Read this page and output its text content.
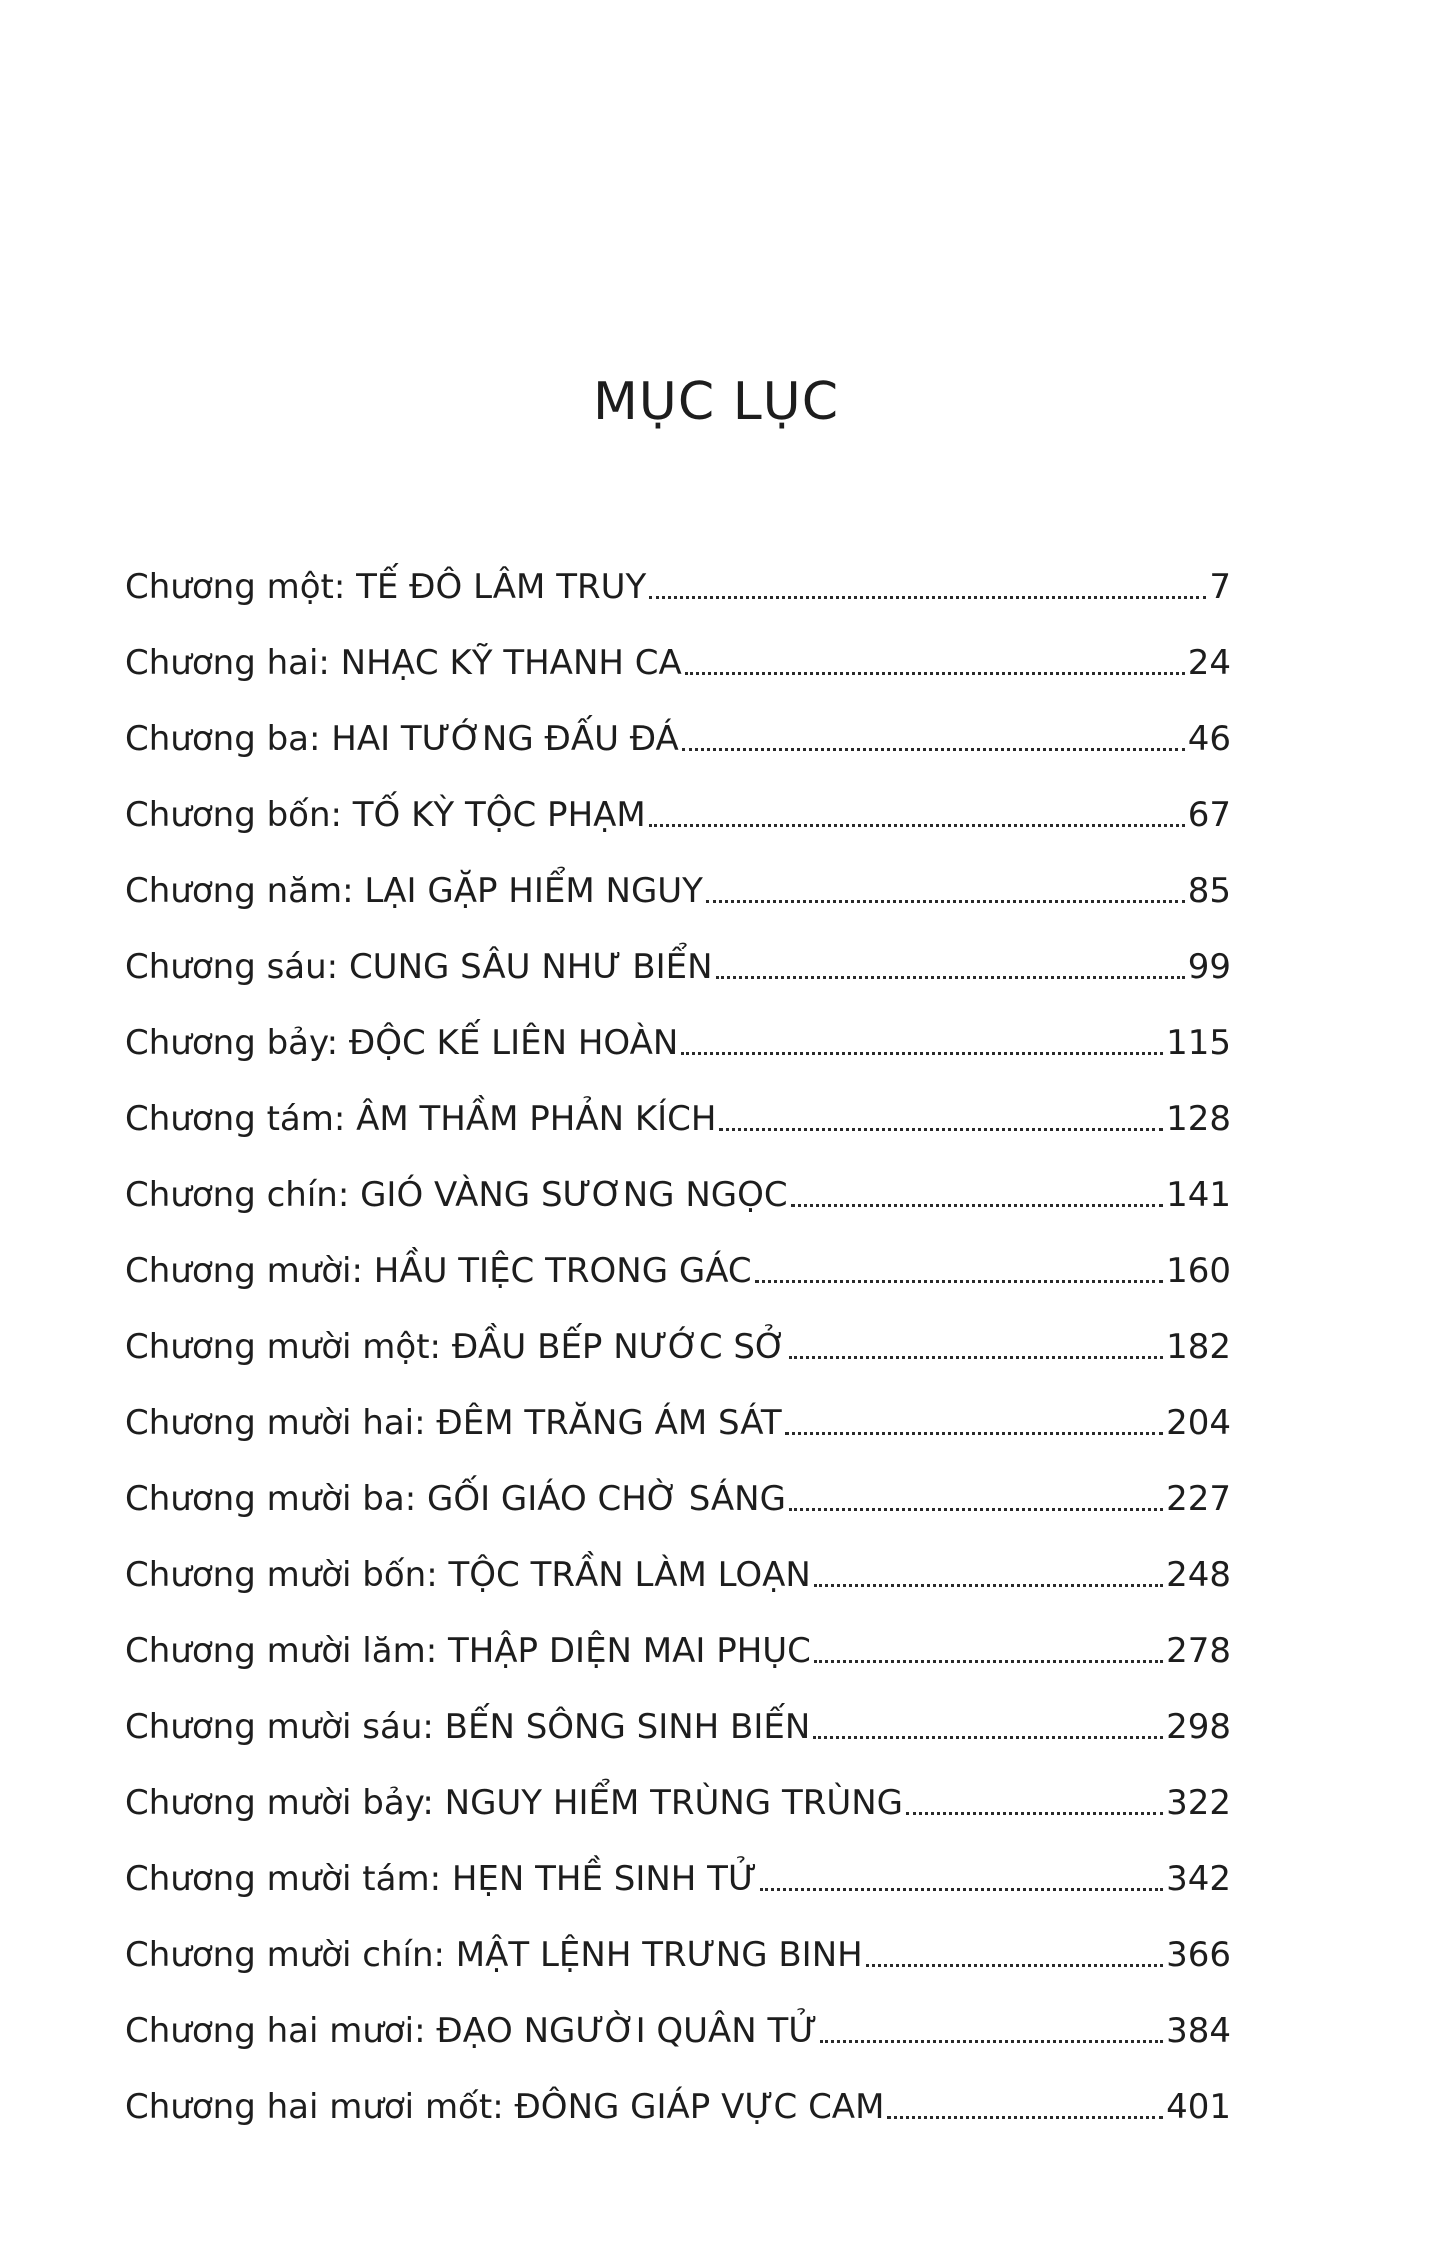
MỤC LỤC
Chương một: TẾ ĐÔ LÂM TRUY	7
Chương hai: NHẠC KỸ THANH CA	24
Chương ba: HAI TƯỚNG ĐẤU ĐÁ	46
Chương bốn: TỐ KỲ TỘC PHẠM	67
Chương năm: LẠI GẶP HIỂM NGUY	85
Chương sáu: CUNG SÂU NHƯ BIỂN	99
Chương bảy: ĐỘC KẾ LIÊN HOÀN	115
Chương tám: ÂM THẦM PHẢN KÍCH	128
Chương chín: GIÓ VÀNG SƯƠNG NGỌC	141
Chương mười: HẦU TIỆC TRONG GÁC	160
Chương mười một: ĐẦU BẾP NƯỚC SỞ	182
Chương mười hai: ĐÊM TRĂNG ÁM SÁT	204
Chương mười ba: GỐI GIÁO CHỜ SÁNG	227
Chương mười bốn: TỘC TRẦN LÀM LOẠN	248
Chương mười lăm: THẬP DIỆN MAI PHỤC	278
Chương mười sáu: BẾN SÔNG SINH BIẾN	298
Chương mười bảy: NGUY HIỂM TRÙNG TRÙNG	322
Chương mười tám: HẸN THỀ SINH TỬ	342
Chương mười chín: MẬT LỆNH TRƯNG BINH	366
Chương hai mươi: ĐẠO NGƯỜI QUÂN TỬ	384
Chương hai mươi mốt: ĐÔNG GIÁP VỰC CAM	401
